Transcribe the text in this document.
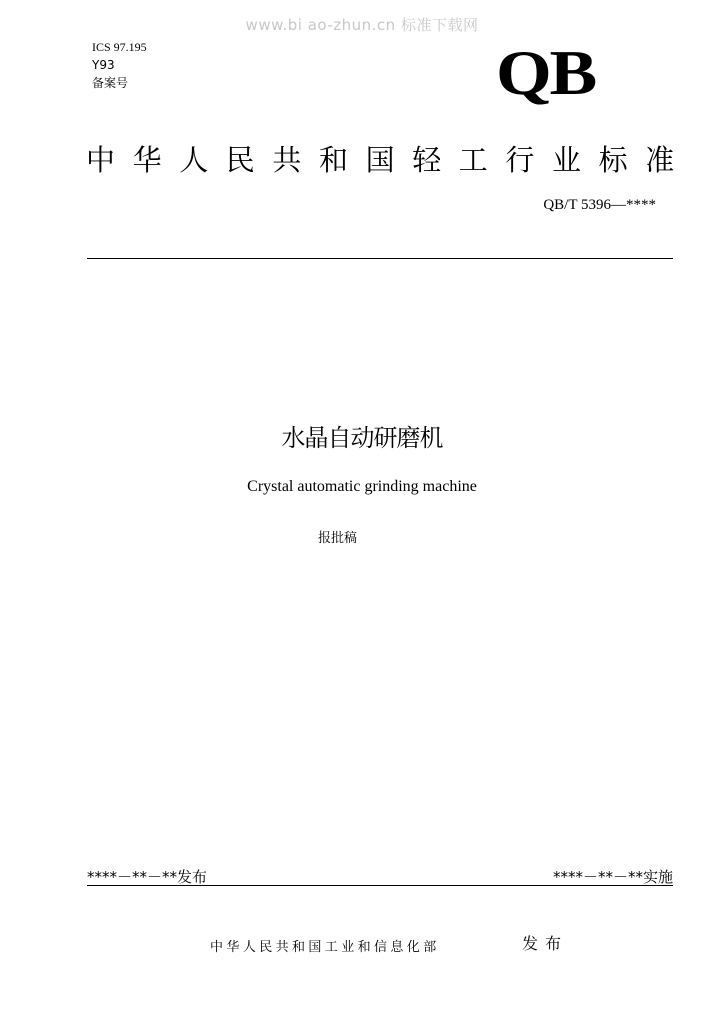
www.bi ao-zhun.cn 标准下载网
ICS 97.195
Y93
备案号	QB
中华人民共和国轻工行业标准
QB/T 5396—****
水晶自动研磨机
Crystal automatic grinding machine
报批稿
****－**－**发布	****－**－**实施
中华人民共和国工业和信息化部	发布
